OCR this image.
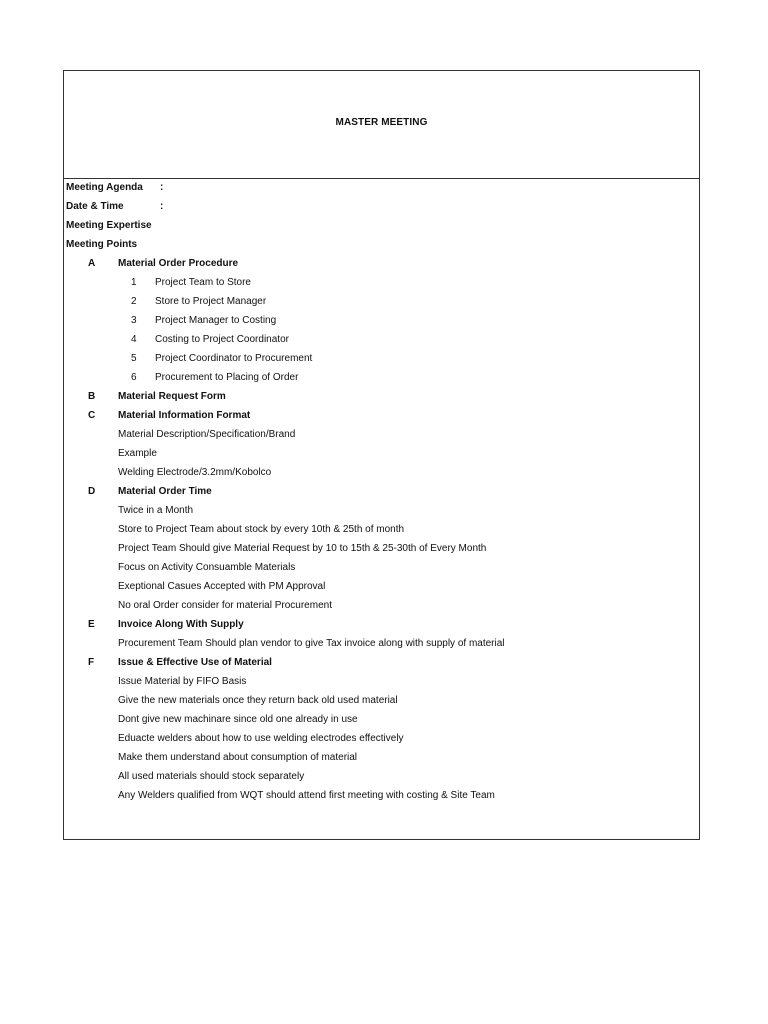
MASTER MEETING
Meeting Agenda :
Date & Time	:
Meeting Expertise
Meeting Points
A Material Order Procedure
1 Project Team to Store
2 Store to Project Manager
3 Project Manager to Costing
4 Costing to Project Coordinator
5 Project Coordinator to Procurement
6 Procurement to Placing of Order
B Material Request Form
C Material Information Format
Material Description/Specification/Brand
Example
Welding Electrode/3.2mm/Kobolco
D Material Order Time
Twice in a Month
Store to Project Team about stock by every 10th & 25th of month
Project Team Should give Material Request by 10 to 15th & 25-30th of Every Month
Focus on Activity Consuamble Materials
Exeptional Casues Accepted with PM Approval
No oral Order consider for material Procurement
E Invoice Along With Supply
Procurement Team Should plan vendor to give Tax invoice along with supply of material
F Issue & Effective Use of Material
Issue Material by FIFO Basis
Give the new materials once they return back old used material
Dont give new machinare since old one already in use
Eduacte welders about how to use welding electrodes effectively
Make them understand about consumption of material
All used materials should stock separately
Any Welders qualified from WQT should attend first meeting with costing & Site Team
